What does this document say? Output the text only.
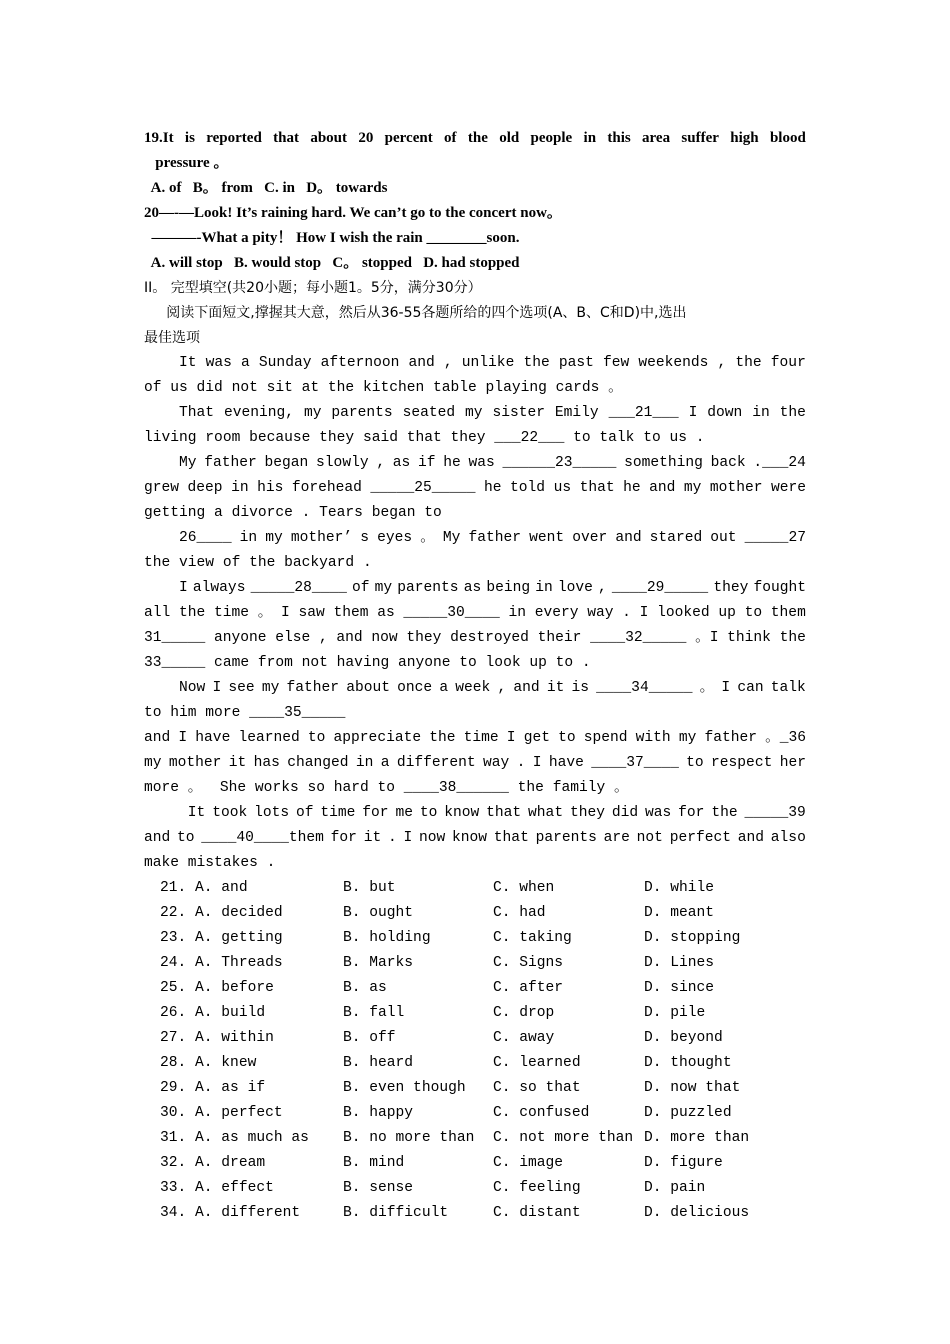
19.It is reported that about 20 percent of the old people in this area suffer high blood
pressure 。
A. of   B。 from   C. in   D。 towards
20—-—Look! It’s raining hard. We can’t go to the concert now。
———-What a pity！ How I wish the rain ________soon.
A. will stop   B. would stop   C。 stopped   D. had stopped
II。 完型填空(共20小题；每小题1。5分，满分30分）
阅读下面短文,撑握其大意，然后从36-55各题所给的四个选项(A、B、C和D)中,选出
最佳选项
It was a Sunday afternoon and , unlike the past few weekends , the four
of us did not sit at the kitchen table playing cards 。
That evening, my parents seated my sister Emily ___21___ I down in the
living room because they said that they ___22___ to talk to us .
My father began slowly , as if he was ______23_____ something back .___24
grew deep in his forehead _____25_____ he told us that he and my mother were
getting a divorce . Tears began to
26____ in my mother’ s eyes 。 My father went over and stared out _____27
the view of the backyard .
I always _____28____ of my parents as being in love , ____29_____ they fought
all the time 。 I saw them as _____30____ in every way . I looked up to them
31_____ anyone else , and now they destroyed their ____32_____ 。I think the
33_____ came from not having anyone to look up to .
Now I see my father about once a week , and it is ____34_____ 。 I can talk
to him more ____35_____
and I have learned to appreciate the time I get to spend with my father 。_36
my mother it has changed in a different way . I have ____37____ to respect her
more 。  She works so hard to ____38______ the family 。
It took lots of time for me to know that what they did was for the _____39
and to ____40____them for it . I now know that parents are not perfect and also
make mistakes .
21. A. and	B. but	C. when	D. while
22. A. decided	B. ought	C. had	D. meant
23. A. getting	B. holding	C. taking	D. stopping
24. A. Threads	B. Marks	C. Signs	D. Lines
25. A. before	B. as	C. after	D. since
26. A. build	B. fall	C. drop	D. pile
27. A. within	B. off	C. away	D. beyond
28. A. knew	B. heard	C. learned	D. thought
29. A. as if	B. even though	C. so that	D. now that
30. A. perfect	B. happy	C. confused	D. puzzled
31. A. as much as	B. no more than	C. not more than D. more than
32. A. dream	B. mind	C. image	D. figure
33. A. effect	B. sense	C. feeling	D. pain
34. A. different	B. difficult	C. distant	D. delicious
